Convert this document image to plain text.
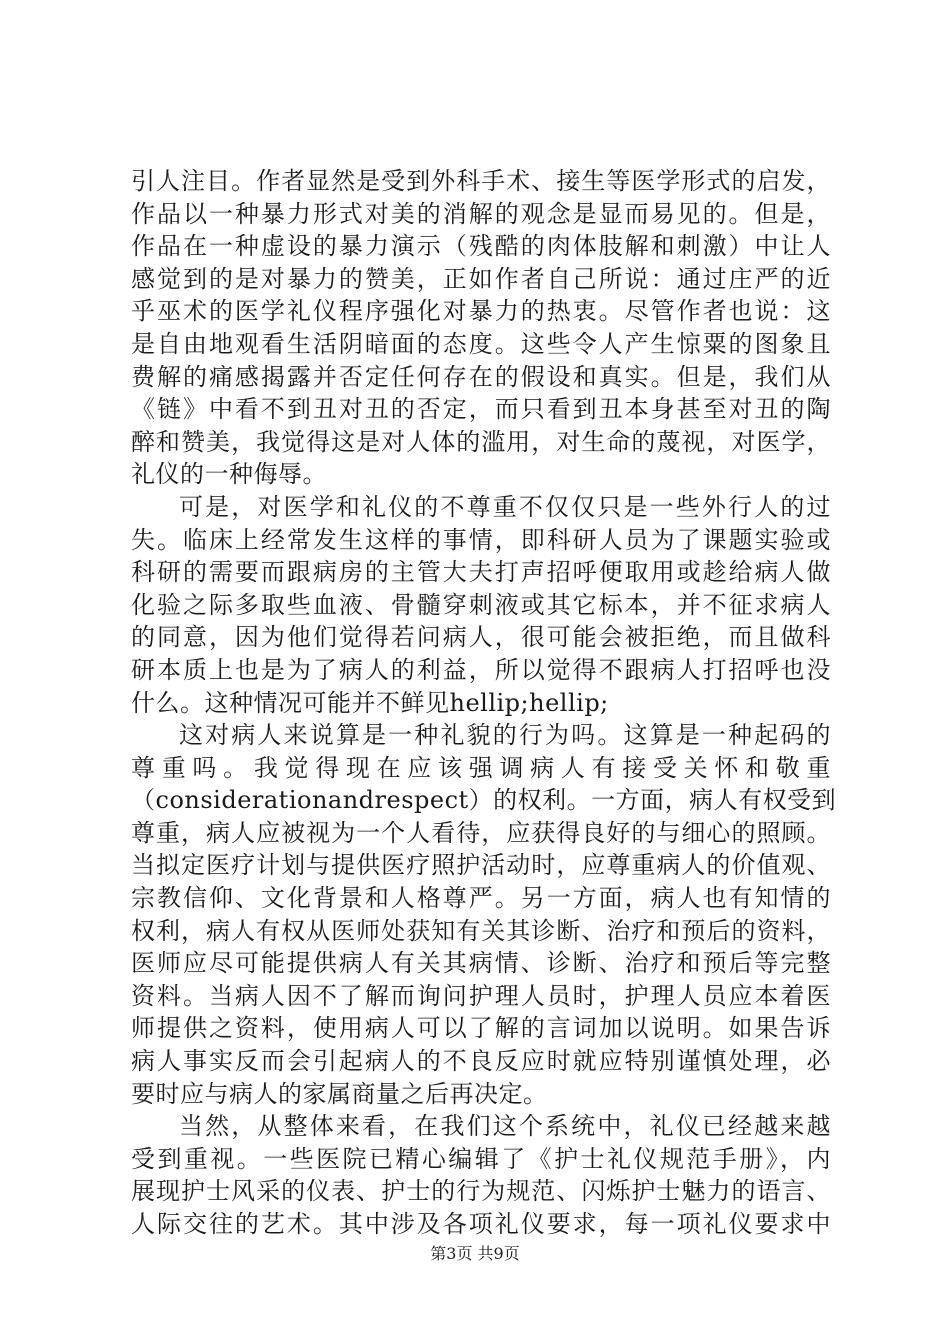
引人注目。作者显然是受到外科手术、接生等医学形式的启发，
作品以一种暴力形式对美的消解的观念是显而易见的。但是，
作品在一种虚设的暴力演示（残酷的肉体肢解和刺激）中让人
感觉到的是对暴力的赞美，正如作者自己所说：通过庄严的近
乎巫术的医学礼仪程序强化对暴力的热衷。尽管作者也说：这
是自由地观看生活阴暗面的态度。这些令人产生惊粟的图象且
费解的痛感揭露并否定任何存在的假设和真实。但是，我们从
《链》中看不到丑对丑的否定，而只看到丑本身甚至对丑的陶
醉和赞美，我觉得这是对人体的滥用，对生命的蔑视，对医学，
礼仪的一种侮辱。
可是，对医学和礼仪的不尊重不仅仅只是一些外行人的过
失。临床上经常发生这样的事情，即科研人员为了课题实验或
科研的需要而跟病房的主管大夫打声招呼便取用或趁给病人做
化验之际多取些血液、骨髓穿刺液或其它标本，并不征求病人
的同意，因为他们觉得若问病人，很可能会被拒绝，而且做科
研本质上也是为了病人的利益，所以觉得不跟病人打招呼也没
什么。这种情况可能并不鲜见hellip;hellip;
这对病人来说算是一种礼貌的行为吗。这算是一种起码的
尊重吗。我觉得现在应该强调病人有接受关怀和敬重
（considerationandrespect）的权利。一方面，病人有权受到
尊重，病人应被视为一个人看待，应获得良好的与细心的照顾。
当拟定医疗计划与提供医疗照护活动时，应尊重病人的价值观、
宗教信仰、文化背景和人格尊严。另一方面，病人也有知情的
权利，病人有权从医师处获知有关其诊断、治疗和预后的资料，
医师应尽可能提供病人有关其病情、诊断、治疗和预后等完整
资料。当病人因不了解而询问护理人员时，护理人员应本着医
师提供之资料，使用病人可以了解的言词加以说明。如果告诉
病人事实反而会引起病人的不良反应时就应特别谨慎处理，必
要时应与病人的家属商量之后再决定。
当然，从整体来看，在我们这个系统中，礼仪已经越来越
受到重视。一些医院已精心编辑了《护士礼仪规范手册》，内
展现护士风采的仪表、护士的行为规范、闪烁护士魅力的语言、
人际交往的艺术。其中涉及各项礼仪要求，每一项礼仪要求中
第3页 共9页
